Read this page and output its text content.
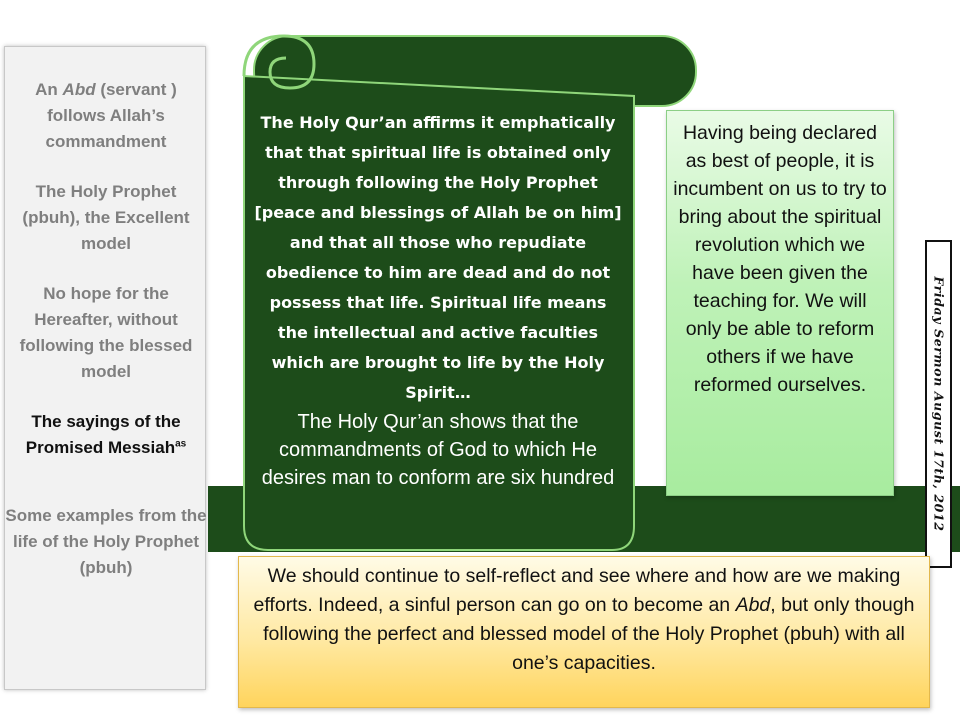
An Abd (servant ) follows Allah’s commandment
The Holy Prophet (pbuh), the Excellent model
No hope for the Hereafter, without following the blessed model
The sayings of the Promised Messiah$^{as}$
Some examples from the life of the Holy Prophet (pbuh)
The Holy Qur’an affirms it emphatically that that spiritual life is obtained only through following the Holy Prophet [peace and blessings of Allah be on him] and that all those who repudiate obedience to him are dead and do not possess that life. Spiritual life means the intellectual and active faculties which are brought to life by the Holy Spirit…
The Holy Qur’an shows that the commandments of God to which He desires man to conform are six hundred
Having being declared as best of people, it is incumbent on us to try to bring about the spiritual revolution which we have been given the teaching for. We will only be able to reform others if we have reformed ourselves.	Friday Sermon August 17th, 2012
We should continue to self-reflect and see where and how are we making efforts. Indeed, a sinful person can go on to become an Abd, but only though following the perfect and blessed model of the Holy Prophet (pbuh) with all one’s capacities.
